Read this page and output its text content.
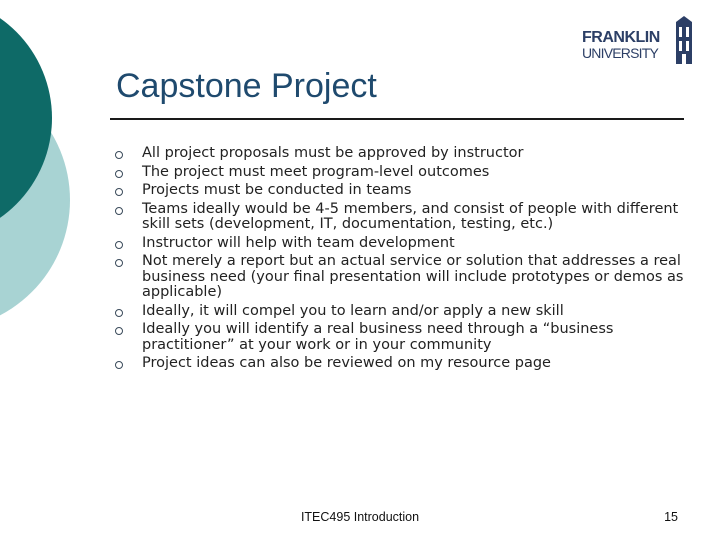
FRANKLIN
UNIVERSITY
Capstone Project
All project proposals must be approved by instructor
The project must meet program-level outcomes
Projects must be conducted in teams
Teams ideally would be 4-5 members, and consist of people with different skill sets (development, IT, documentation, testing, etc.)
Instructor will help with team development
Not merely a report but an actual service or solution that addresses a real business need (your final presentation will include prototypes or demos as applicable)
Ideally, it will compel you to learn and/or apply a new skill
Ideally you will identify a real business need through a “business practitioner” at your work or in your community
Project ideas can also be reviewed on my resource page
ITEC495 Introduction	15
